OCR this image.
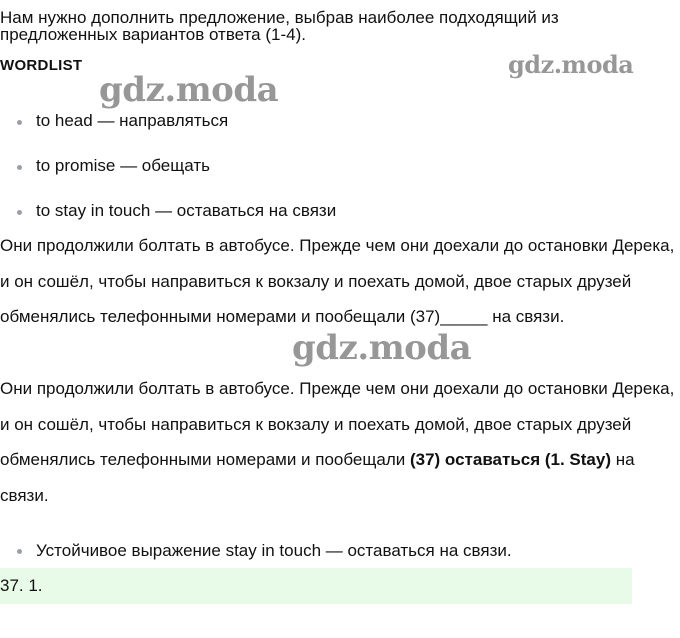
Нам нужно дополнить предложение, выбрав наиболее подходящий из
предложенных вариантов ответа (1-4).
WORDLIST
to head — направляться
to promise — обещать
to stay in touch — оставаться на связи
Они продолжили болтать в автобусе. Прежде чем они доехали до остановки Дерека, и он сошёл, чтобы направиться к вокзалу и поехать домой, двое старых друзей обменялись телефонными номерами и пообещали (37)_____ на связи.
Они продолжили болтать в автобусе. Прежде чем они доехали до остановки Дерека, и он сошёл, чтобы направиться к вокзалу и поехать домой, двое старых друзей обменялись телефонными номерами и пообещали (37) оставаться (1. Stay) на связи.
Устойчивое выражение stay in touch — оставаться на связи.
37. 1.
gdz.moda
gdz.moda
gdz.moda
